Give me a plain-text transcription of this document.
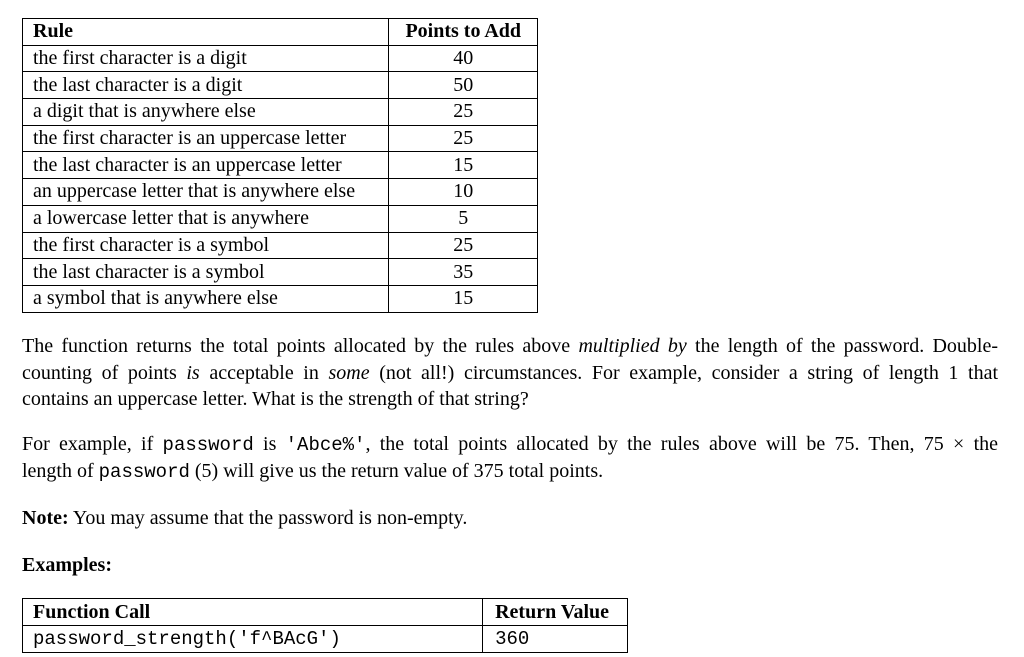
Rule	Points to Add
the first character is a digit	40
the last character is a digit	50
a digit that is anywhere else	25
the first character is an uppercase letter	25
the last character is an uppercase letter	15
an uppercase letter that is anywhere else	10
a lowercase letter that is anywhere	5
the first character is a symbol	25
the last character is a symbol	35
a symbol that is anywhere else	15
The function returns the total points allocated by the rules above multiplied by the length of the password. Double-
counting of points is acceptable in some (not all!) circumstances. For example, consider a string of length 1 that
contains an uppercase letter. What is the strength of that string?
For example, if password is 'Abce%', the total points allocated by the rules above will be 75. Then, 75 × the
length of password (5) will give us the return value of 375 total points.
Note: You may assume that the password is non-empty.
Examples:
Function Call	Return Value
password_strength('f^BAcG')	360
